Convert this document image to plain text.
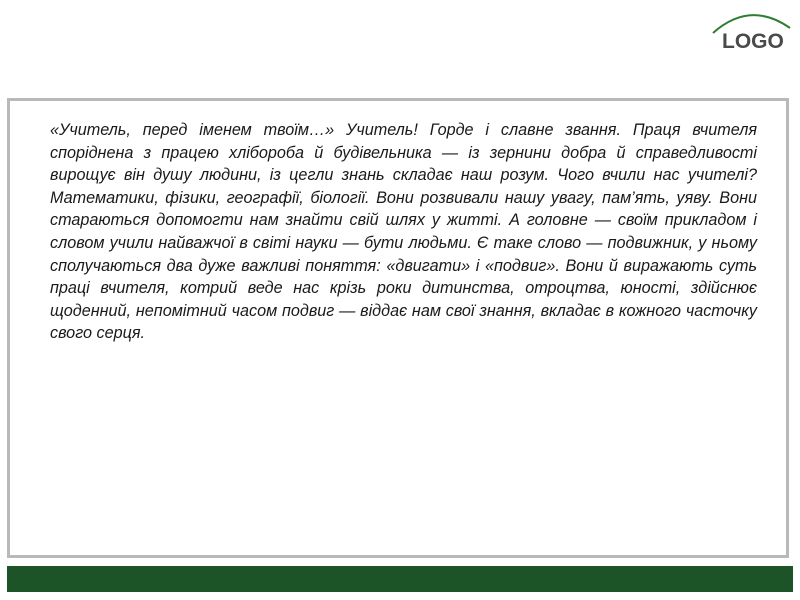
LOGO

«Учитель, перед іменем твоїм…» Учитель! Горде і славне звання. Праця вчителя споріднена з працею хлібороба й будівельника — із зернини добра й справедливості вирощує він душу людини, із цегли знань складає наш розум. Чого вчили нас учителі? Математики, фізики, географії, біології. Вони розвивали нашу увагу, пам’ять, уяву. Вони стараються допомогти нам знайти свій шлях у житті. А головне — своїм прикладом і словом учили найважчої в світі науки — бути людьми. Є таке слово — подвижник, у ньому сполучаються два дуже важливі поняття: «двигати» і «подвиг». Вони й виражають суть праці вчителя, котрий веде нас крізь роки дитинства, отроцтва, юності, здійснює щоденний, непомітний часом подвиг — віддає нам свої знання, вкладає в кожного часточку свого серця.
